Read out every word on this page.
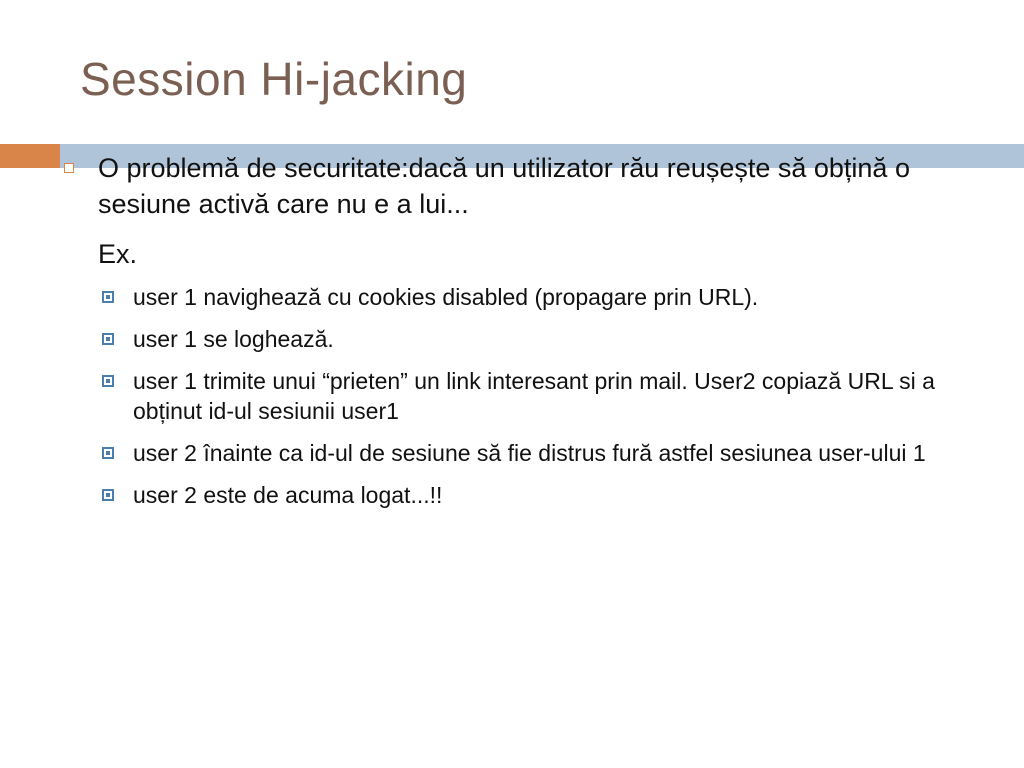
Session Hi-jacking
O problemă de securitate:dacă un utilizator rău reușește să obțină o sesiune activă care nu e a lui...
Ex.
user 1 navighează cu cookies disabled (propagare prin URL).
user 1 se loghează.
user 1 trimite unui “prieten” un link interesant prin mail. User2 copiază URL si a obținut id-ul sesiunii user1
user 2 înainte ca id-ul de sesiune să fie distrus fură astfel sesiunea user-ului 1
user 2 este de acuma logat...!!
